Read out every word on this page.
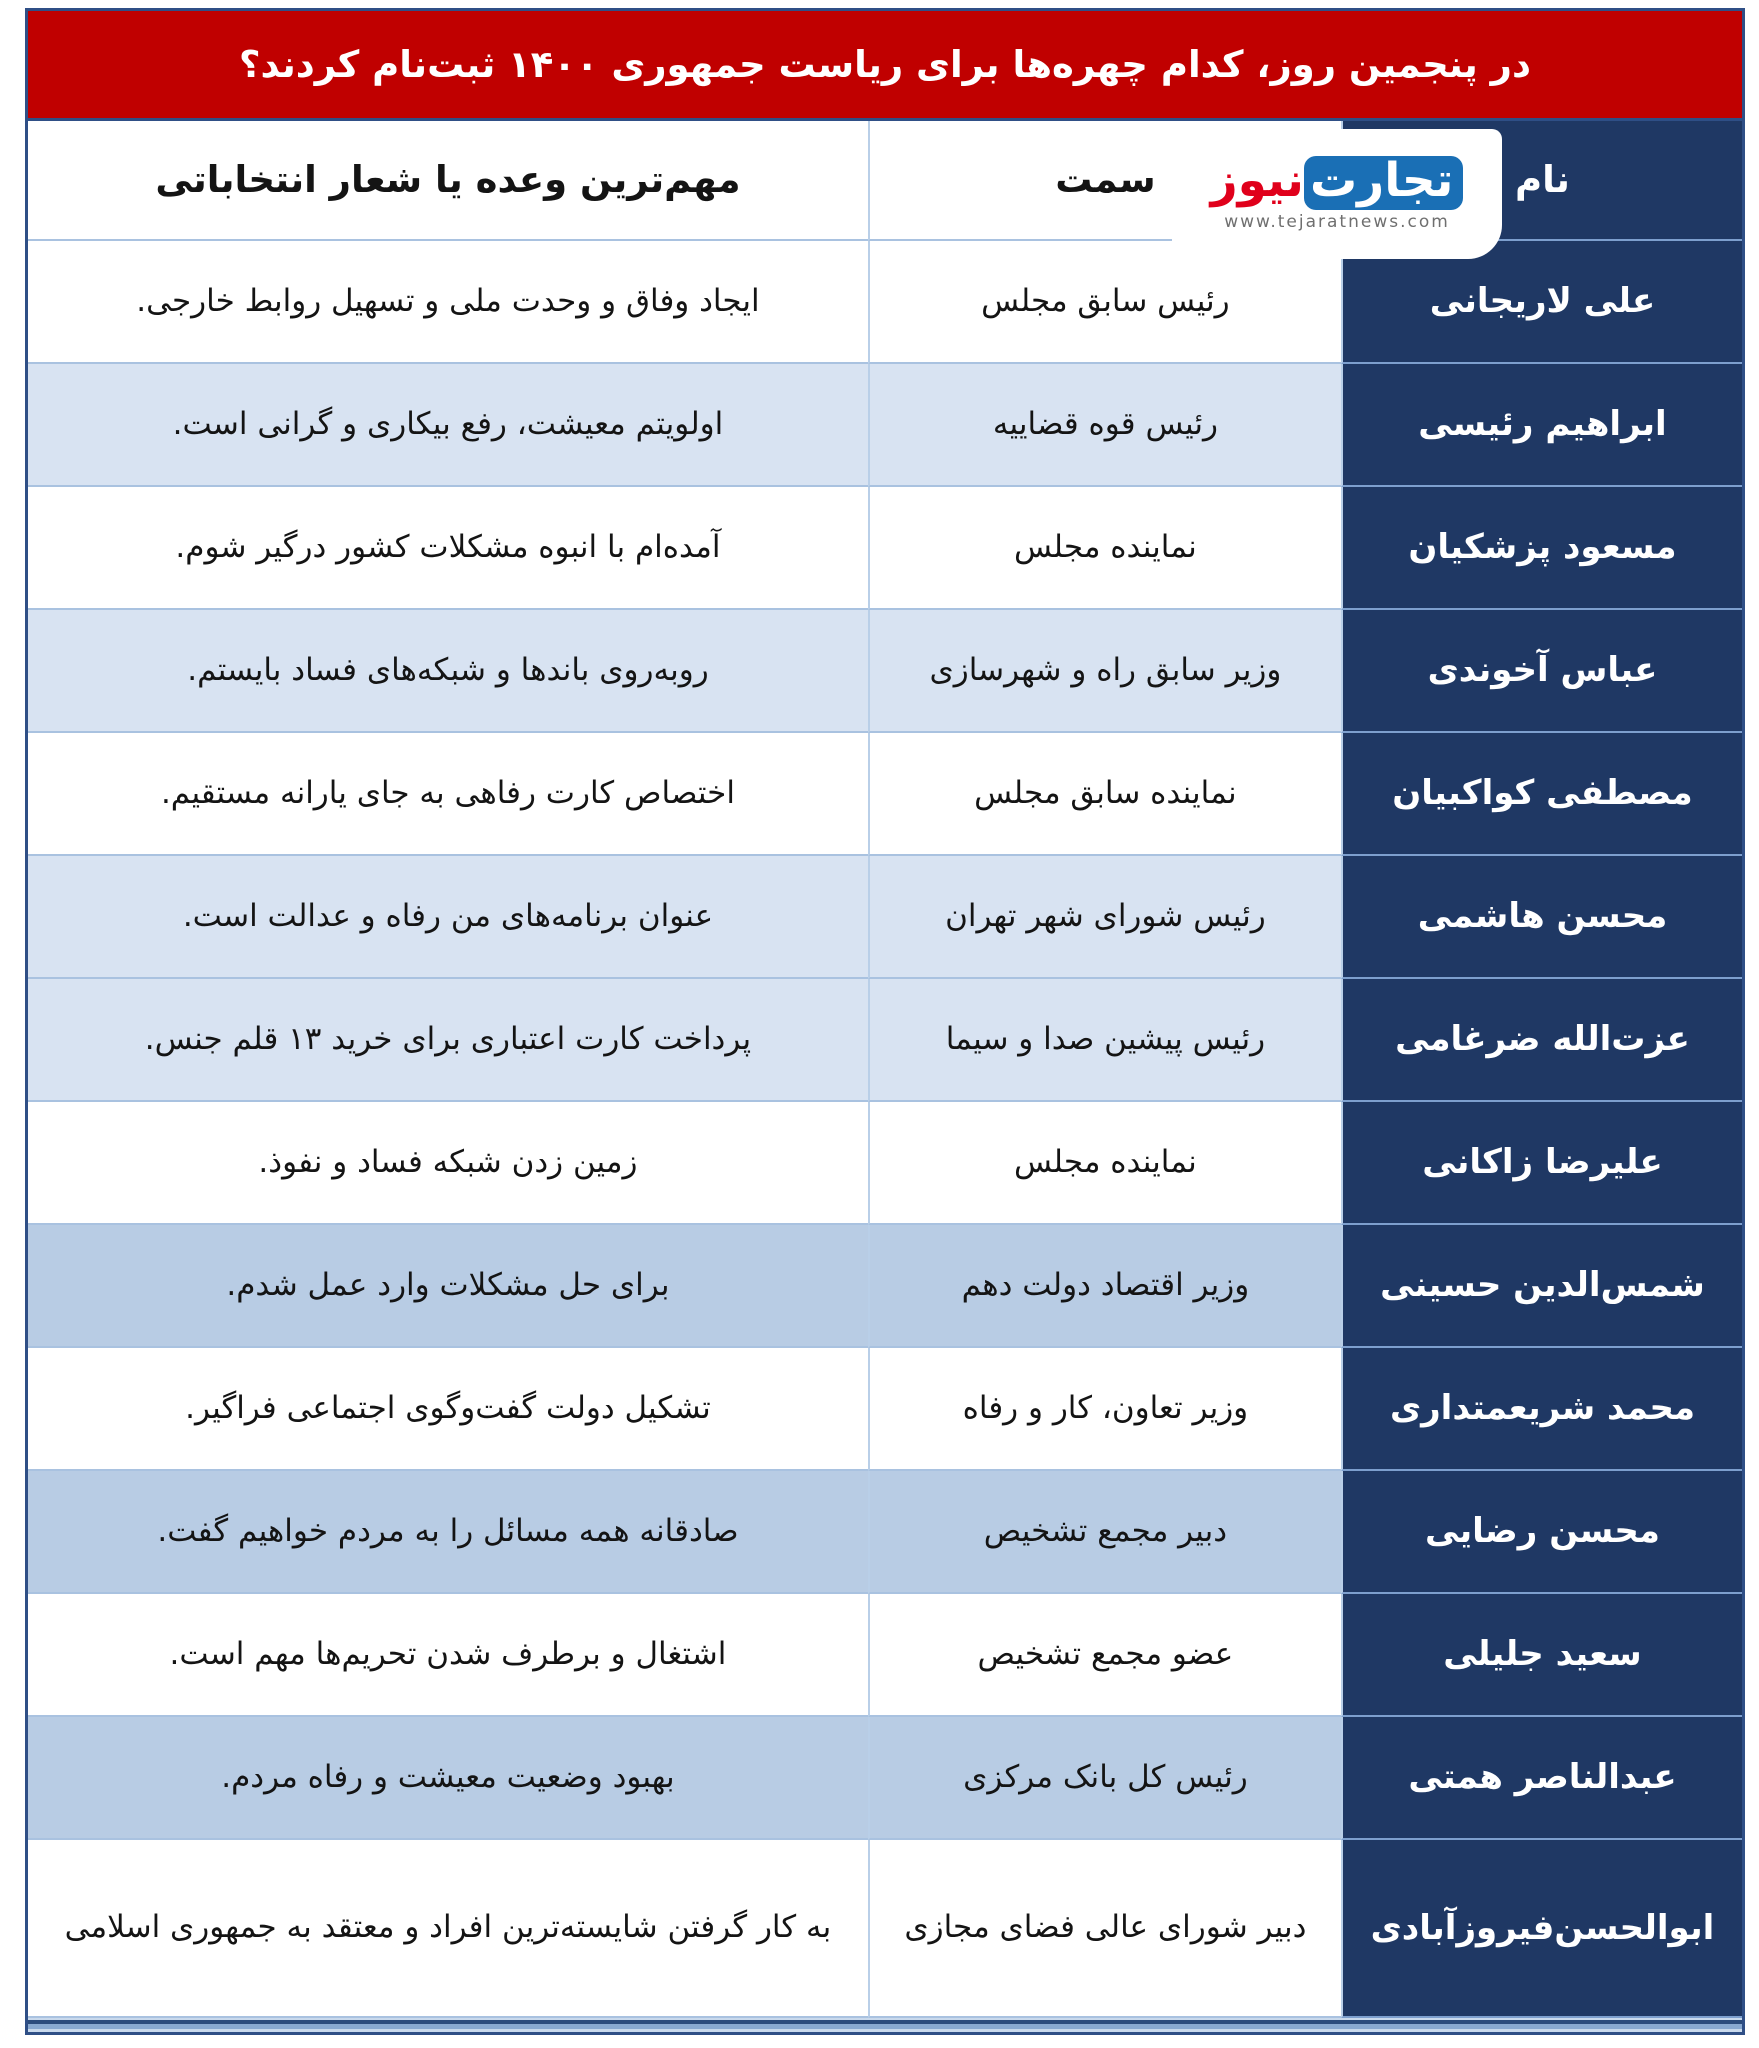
در پنجمین روز، کدام چهره‌ها برای ریاست جمهوری ۱۴۰۰ ثبت‌نام کردند؟
نام
سمت
مهم‌ترین وعده یا شعار انتخاباتی	تجارتنیوز
www.tejaratnews.com
علی لاریجانی
رئیس سابق مجلس
ایجاد وفاق و وحدت ملی و تسهیل روابط خارجی.
ابراهیم رئیسی
رئیس قوه قضاییه
اولویتم معیشت، رفع بیکاری و گرانی است.
مسعود پزشکیان
نماینده مجلس
آمده‌ام با انبوه مشکلات کشور درگیر شوم.
عباس آخوندی
وزیر سابق راه و شهرسازی
روبه‌روی باندها و شبکه‌های فساد بایستم.
مصطفی کواکبیان
نماینده سابق مجلس
اختصاص کارت رفاهی به جای یارانه مستقیم.
محسن هاشمی
رئیس شورای شهر تهران
عنوان برنامه‌های من رفاه و عدالت است.
عزت‌الله ضرغامی
رئیس پیشین صدا و سیما
پرداخت کارت اعتباری برای خرید ۱۳ قلم جنس.
علیرضا زاکانی
نماینده مجلس
زمین زدن شبکه فساد و نفوذ.
شمس‌الدین حسینی
وزیر اقتصاد دولت دهم
برای حل مشکلات وارد عمل شدم.
محمد شریعمتداری
وزیر تعاون، کار و رفاه
تشکیل دولت گفت‌وگوی اجتماعی فراگیر.
محسن رضایی
دبیر مجمع تشخیص
صادقانه همه مسائل را به مردم خواهیم گفت.
سعید جلیلی
عضو مجمع تشخیص
اشتغال و برطرف شدن تحریم‌ها مهم است.
عبدالناصر همتی
رئیس کل بانک مرکزی
بهبود وضعیت معیشت و رفاه مردم.
ابوالحسن‌فیروزآبادی
دبیر شورای عالی فضای مجازی
به کار گرفتن شایسته‌ترین افراد و معتقد به جمهوری اسلامی
